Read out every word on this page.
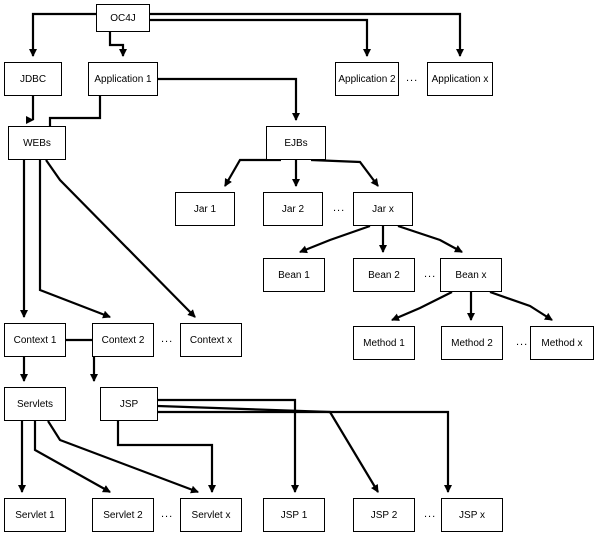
OC4J
JDBC	Application 1	Application 2	Application x
WEBs	EJBs
Jar 1	Jar 2	Jar x
Bean 1	Bean 2	Bean x
Context 1	Context 2	Context x	Method 1	Method 2	Method x
Servlets	JSP
Servlet 1	Servlet 2	Servlet x	JSP 1	JSP 2	JSP x
...
...
...
...	...
...	...
